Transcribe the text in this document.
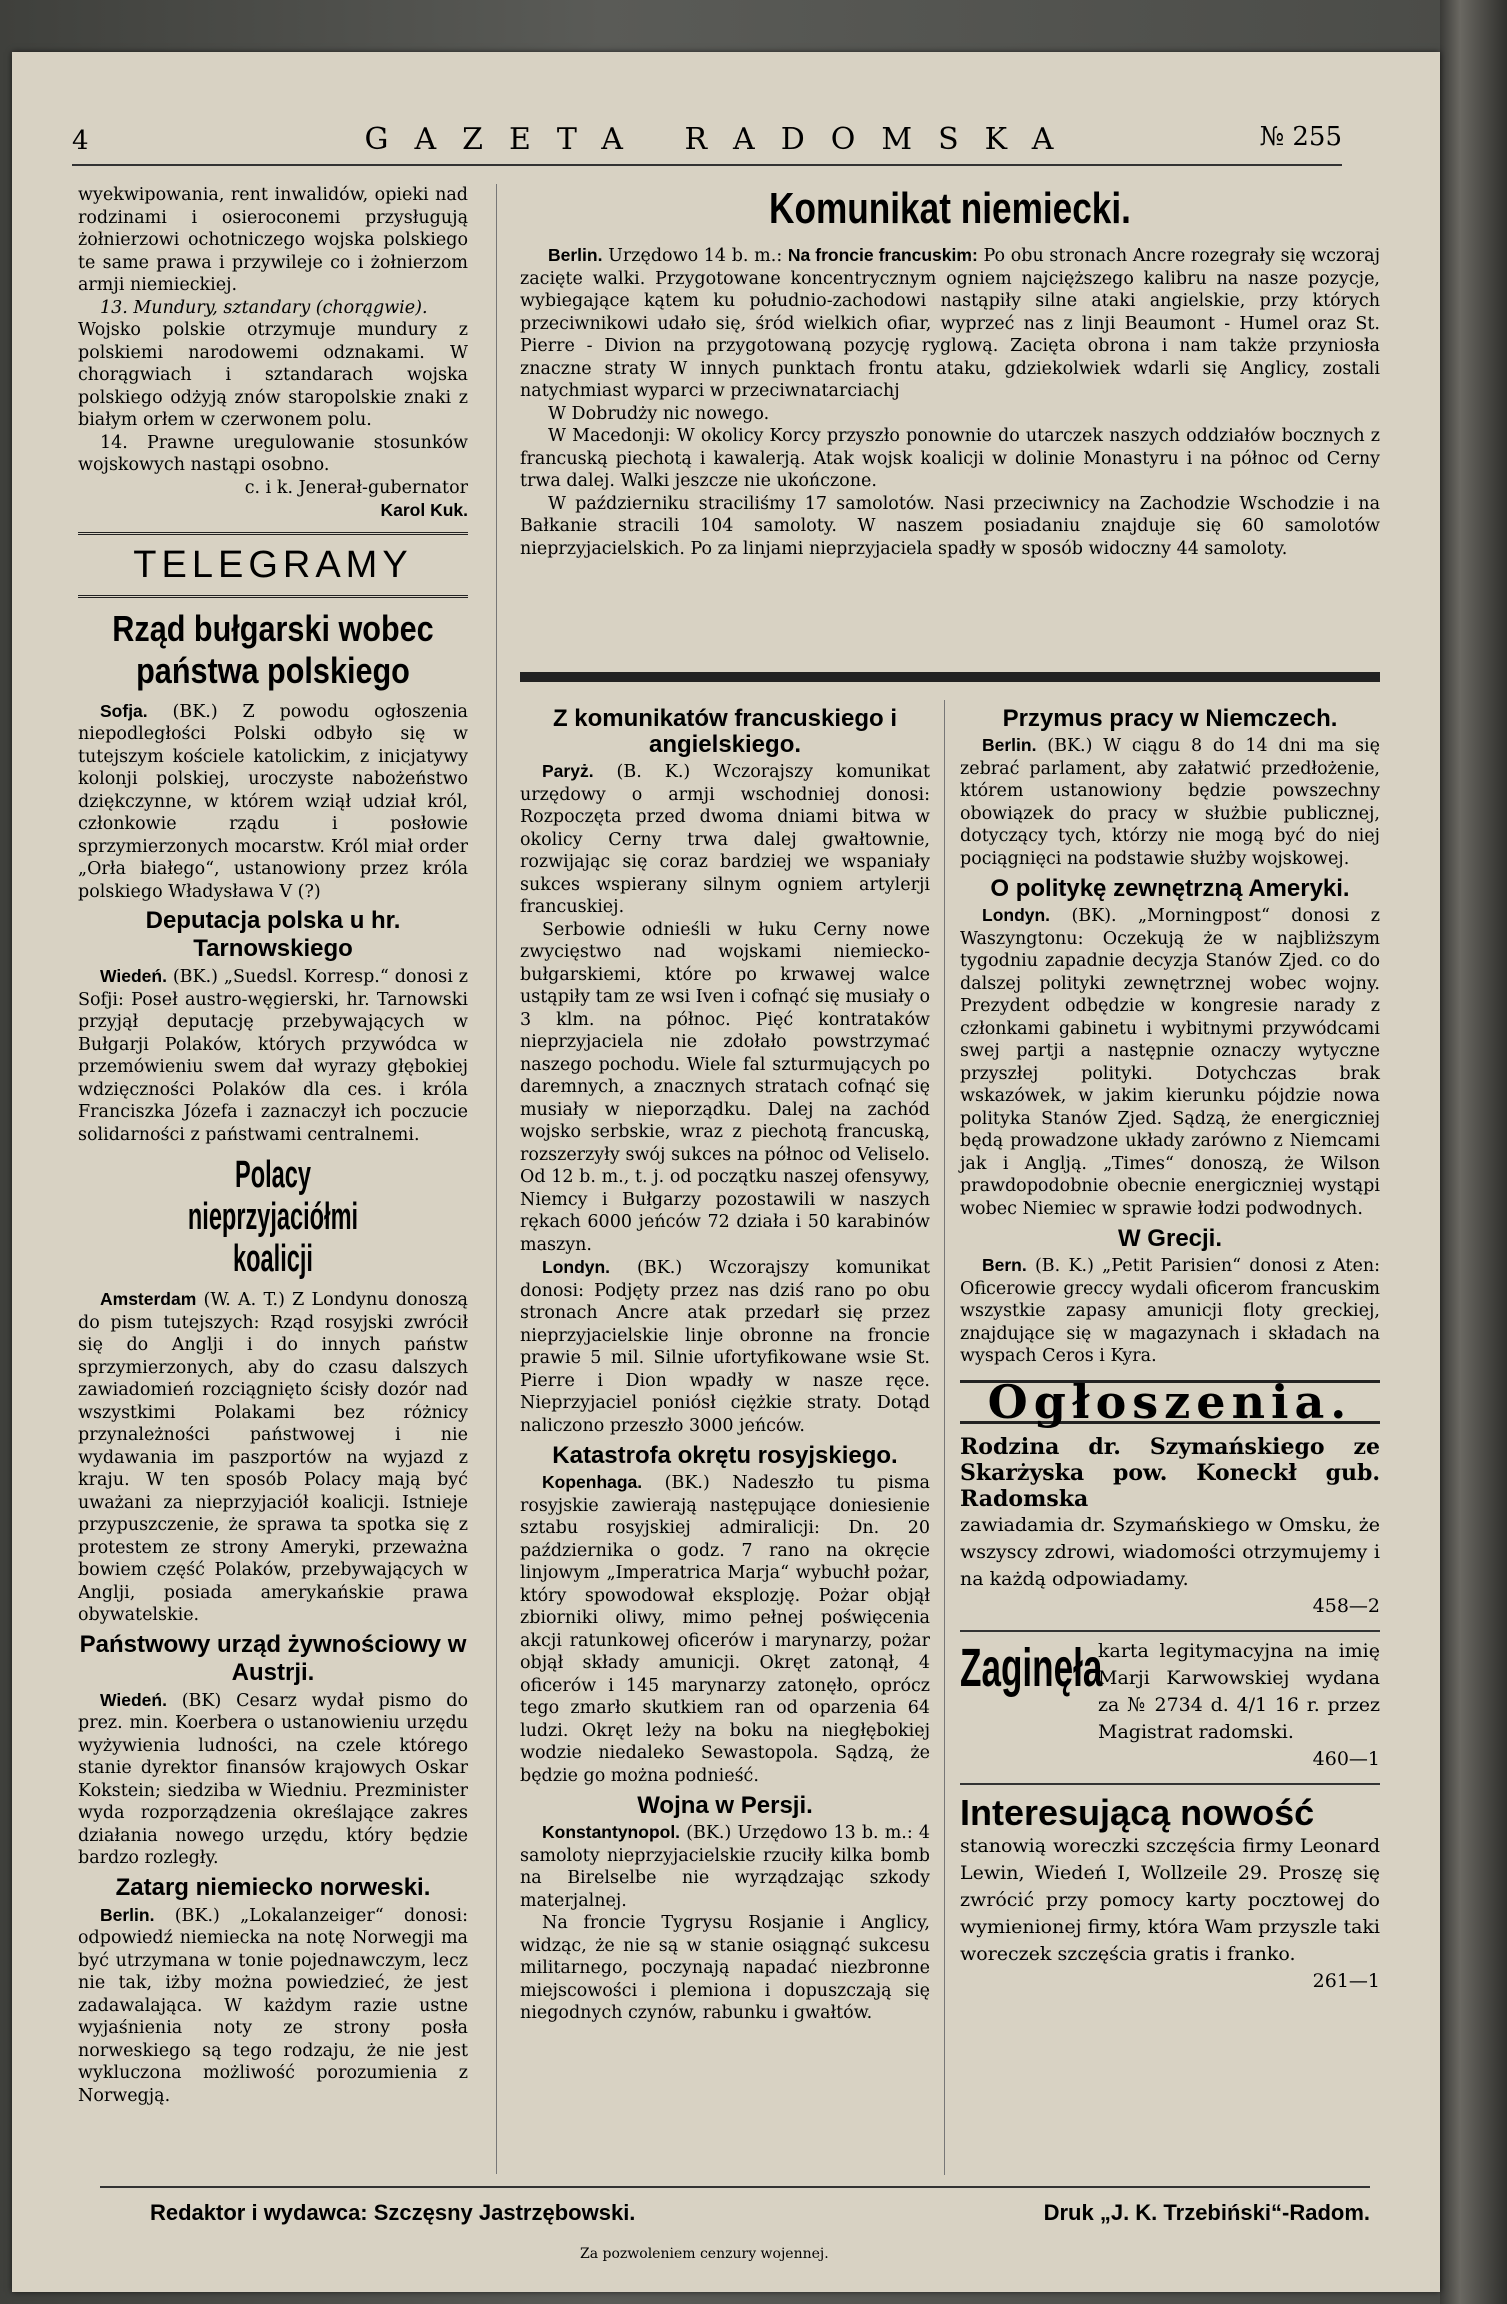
4	GAZETA RADOMSKA	№ 255

wyekwipowania, rent inwalidów, opieki nad rodzinami i osieroconemi przysługują żołnierzowi ochotniczego wojska polskiego te same prawa i przywileje co i żołnierzom armji niemieckiej.

13. Mundury, sztandary (chorągwie).

Wojsko polskie otrzymuje mundury z polskiemi narodowemi odznakami. W chorągwiach i sztandarach wojska polskiego odżyją znów staropolskie znaki z białym orłem w czerwonem polu.

14. Prawne uregulowanie stosunków wojskowych nastąpi osobno.

c. i k. Jenerał-gubernator

Karol Kuk.

TELEGRAMY
Rząd bułgarski wobec państwa polskiego

Sofja. (BK.) Z powodu ogłoszenia niepodległości Polski odbyło się w tutejszym kościele katolickim, z inicjatywy kolonji polskiej, uroczyste nabożeństwo dziękczynne, w którem wziął udział król, członkowie rządu i posłowie sprzymierzonych mocarstw. Król miał order „Orła białego“, ustanowiony przez króla polskiego Władysława V (?)

Deputacja polska u hr. Tarnowskiego

Wiedeń. (BK.) „Suedsl. Korresp.“ donosi z Sofji: Poseł austro-węgierski, hr. Tarnowski przyjął deputację przebywających w Bułgarji Polaków, których przywódca w przemówieniu swem dał wyrazy głębokiej wdzięczności Polaków dla ces. i króla Franciszka Józefa i zaznaczył ich poczucie solidarności z państwami centralnemi.

Polacy nieprzyjaciółmi koalicji

Amsterdam (W. A. T.) Z Londynu donoszą do pism tutejszych: Rząd rosyjski zwrócił się do Anglji i do innych państw sprzymierzonych, aby do czasu dalszych zawiadomień rozciągnięto ścisły dozór nad wszystkimi Polakami bez różnicy przynależności państwowej i nie wydawania im paszportów na wyjazd z kraju. W ten sposób Polacy mają być uważani za nieprzyjaciół koalicji. Istnieje przypuszczenie, że sprawa ta spotka się z protestem ze strony Ameryki, przeważna bowiem część Polaków, przebywających w Anglji, posiada amerykańskie prawa obywatelskie.

Państwowy urząd żywnościowy w Austrji.

Wiedeń. (BK) Cesarz wydał pismo do prez. min. Koerbera o ustanowieniu urzędu wyżywienia ludności, na czele którego stanie dyrektor finansów krajowych Oskar Kokstein; siedziba w Wiedniu. Prezminister wyda rozporządzenia określające zakres działania nowego urzędu, który będzie bardzo rozległy.

Zatarg niemiecko norweski.

Berlin. (BK.) „Lokalanzeiger“ donosi: odpowiedź niemiecka na notę Norwegji ma być utrzymana w tonie pojednawczym, lecz nie tak, iżby można powiedzieć, że jest zadawalająca. W każdym razie ustne wyjaśnienia noty ze strony posła norweskiego są tego rodzaju, że nie jest wykluczona możliwość porozumienia z Norwegją.

Komunikat niemiecki.

Berlin. Urzędowo 14 b. m.: Na froncie francuskim: Po obu stronach Ancre rozegrały się wczoraj zacięte walki. Przygotowane koncentrycznym ogniem najcięższego kalibru na nasze pozycje, wybiegające kątem ku południo-zachodowi nastąpiły silne ataki angielskie, przy których przeciwnikowi udało się, śród wielkich ofiar, wyprzeć nas z linji Beaumont - Humel oraz St. Pierre - Divion na przygotowaną pozycję ryglową. Zacięta obrona i nam także przyniosła znaczne straty W innych punktach frontu ataku, gdziekolwiek wdarli się Anglicy, zostali natychmiast wyparci w przeciwnatarciachj

W Dobrudży nic nowego.

W Macedonji: W okolicy Korcy przyszło ponownie do utarczek naszych oddziałów bocznych z francuską piechotą i kawalerją. Atak wojsk koalicji w dolinie Monastyru i na północ od Cerny trwa dalej. Walki jeszcze nie ukończone.

W październiku straciliśmy 17 samolotów. Nasi przeciwnicy na Zachodzie Wschodzie i na Bałkanie stracili 104 samoloty. W naszem posiadaniu znajduje się 60 samolotów nieprzyjacielskich. Po za linjami nieprzyjaciela spadły w sposób widoczny 44 samoloty.

Z komunikatów francuskiego i angielskiego.

Paryż. (B. K.) Wczorajszy komunikat urzędowy o armji wschodniej donosi: Rozpoczęta przed dwoma dniami bitwa w okolicy Cerny trwa dalej gwałtownie, rozwijając się coraz bardziej we wspaniały sukces wspierany silnym ogniem artylerji francuskiej.

Serbowie odnieśli w łuku Cerny nowe zwycięstwo nad wojskami niemiecko-bułgarskiemi, które po krwawej walce ustąpiły tam ze wsi Iven i cofnąć się musiały o 3 klm. na północ. Pięć kontrataków nieprzyjaciela nie zdołało powstrzymać naszego pochodu. Wiele fal szturmujących po daremnych, a znacznych stratach cofnąć się musiały w nieporządku. Dalej na zachód wojsko serbskie, wraz z piechotą francuską, rozszerzyły swój sukces na północ od Veliselo. Od 12 b. m., t. j. od początku naszej ofensywy, Niemcy i Bułgarzy pozostawili w naszych rękach 6000 jeńców 72 działa i 50 karabinów maszyn.

Londyn. (BK.) Wczorajszy komunikat donosi: Podjęty przez nas dziś rano po obu stronach Ancre atak przedarł się przez nieprzyjacielskie linje obronne na froncie prawie 5 mil. Silnie ufortyfikowane wsie St. Pierre i Dion wpadły w nasze ręce. Nieprzyjaciel poniósł ciężkie straty. Dotąd naliczono przeszło 3000 jeńców.

Katastrofa okrętu rosyjskiego.

Kopenhaga. (BK.) Nadeszło tu pisma rosyjskie zawierają następujące doniesienie sztabu rosyjskiej admiralicji: Dn. 20 października o godz. 7 rano na okręcie linjowym „Imperatrica Marja“ wybuchł pożar, który spowodował eksplozję. Pożar objął zbiorniki oliwy, mimo pełnej poświęcenia akcji ratunkowej oficerów i marynarzy, pożar objął składy amunicji. Okręt zatonął, 4 oficerów i 145 marynarzy zatonęło, oprócz tego zmarło skutkiem ran od oparzenia 64 ludzi. Okręt leży na boku na niegłębokiej wodzie niedaleko Sewastopola. Sądzą, że będzie go można podnieść.

Wojna w Persji.

Konstantynopol. (BK.) Urzędowo 13 b. m.: 4 samoloty nieprzyjacielskie rzuciły kilka bomb na Birelselbe nie wyrządzając szkody materjalnej.

Na froncie Tygrysu Rosjanie i Anglicy, widząc, że nie są w stanie osiągnąć sukcesu militarnego, poczynają napadać niezbronne miejscowości i plemiona i dopuszczają się niegodnych czynów, rabunku i gwałtów.

Przymus pracy w Niemczech.

Berlin. (BK.) W ciągu 8 do 14 dni ma się zebrać parlament, aby załatwić przedłożenie, którem ustanowiony będzie powszechny obowiązek do pracy w służbie publicznej, dotyczący tych, którzy nie mogą być do niej pociągnięci na podstawie służby wojskowej.

O politykę zewnętrzną Ameryki.

Londyn. (BK). „Morningpost“ donosi z Waszyngtonu: Oczekują że w najbliższym tygodniu zapadnie decyzja Stanów Zjed. co do dalszej polityki zewnętrznej wobec wojny. Prezydent odbędzie w kongresie narady z członkami gabinetu i wybitnymi przywódcami swej partji a następnie oznaczy wytyczne przyszłej polityki. Dotychczas brak wskazówek, w jakim kierunku pójdzie nowa polityka Stanów Zjed. Sądzą, że energiczniej będą prowadzone układy zarówno z Niemcami jak i Anglją. „Times“ donoszą, że Wilson prawdopodobnie obecnie energiczniej wystąpi wobec Niemiec w sprawie łodzi podwodnych.

W Grecji.

Bern. (B. K.) „Petit Parisien“ donosi z Aten: Oficerowie greccy wydali oficerom francuskim wszystkie zapasy amunicji floty greckiej, znajdujące się w magazynach i składach na wyspach Ceros i Kyra.

Ogłoszenia.
Rodzina dr. Szymańskiego ze Skarżyska pow. Koneckł gub. Radomska
zawiadamia dr. Szymańskiego w Omsku, że wszyscy zdrowi, wiadomości otrzymujemy i na każdą odpowiadamy.
458—2
Zaginęła
karta legitymacyjna na imię Marji Karwowskiej wydana za № 2734 d. 4/1 16 r. przez Magistrat radomski.
460—1
Interesującą nowość
stanowią woreczki szczęścia firmy Leonard Lewin, Wiedeń I, Wollzeile 29. Proszę się zwrócić przy pomocy karty pocztowej do wymienionej firmy, która Wam przyszle taki woreczek szczęścia gratis i franko.
261—1
Redaktor i wydawca: Szczęsny Jastrzębowski.	Druk „J. K. Trzebiński“-Radom.
Za pozwoleniem cenzury wojennej.
